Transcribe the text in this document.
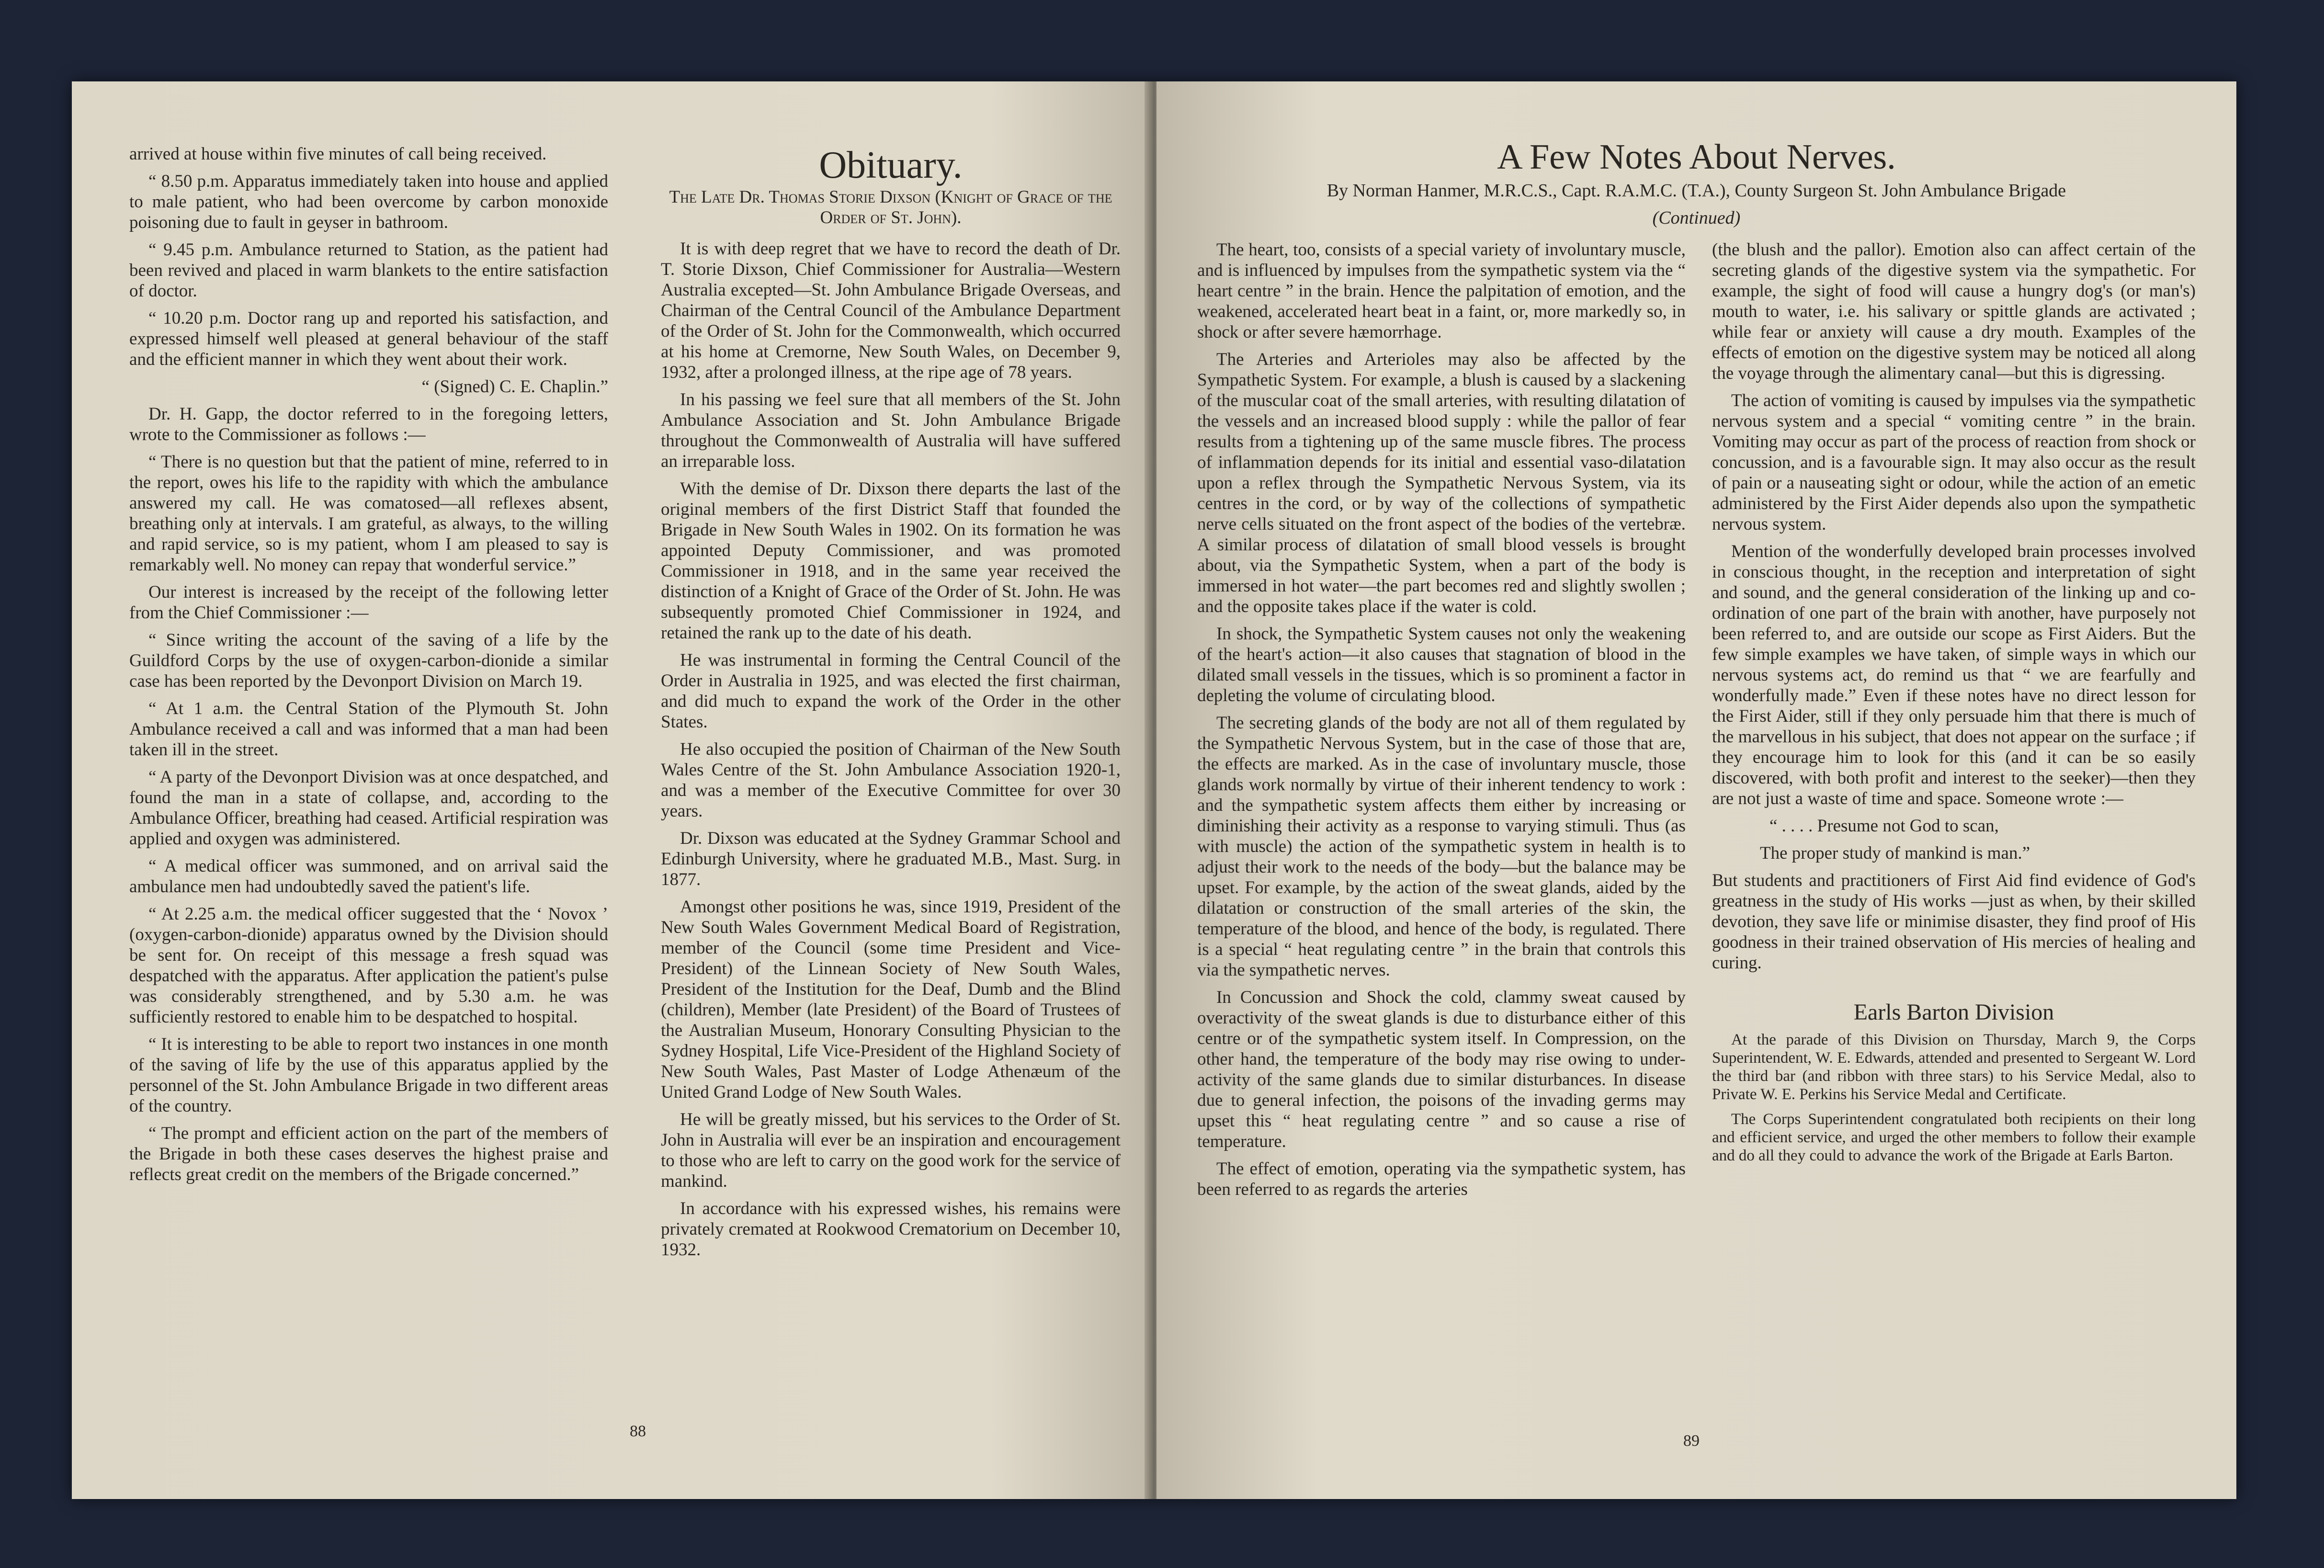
arrived at house within five minutes of call being received.

“ 8.50 p.m. Apparatus immediately taken into house and applied to male patient, who had been overcome by carbon monoxide poisoning due to fault in geyser in bathroom.

“ 9.45 p.m. Ambulance returned to Station, as the patient had been revived and placed in warm blankets to the entire satisfaction of doctor.

“ 10.20 p.m. Doctor rang up and reported his satisfaction, and expressed himself well pleased at general behaviour of the staff and the efficient manner in which they went about their work.

“ (Signed) C. E. Chaplin.”

Dr. H. Gapp, the doctor referred to in the foregoing letters, wrote to the Commissioner as follows :—

“ There is no question but that the patient of mine, referred to in the report, owes his life to the rapidity with which the ambulance answered my call. He was comatosed—all reflexes absent, breathing only at intervals. I am grateful, as always, to the willing and rapid service, so is my patient, whom I am pleased to say is remarkably well. No money can repay that wonderful service.”

Our interest is increased by the receipt of the following letter from the Chief Commissioner :—

“ Since writing the account of the saving of a life by the Guildford Corps by the use of oxygen-carbon-dionide a similar case has been reported by the Devonport Division on March 19.

“ At 1 a.m. the Central Station of the Plymouth St. John Ambulance received a call and was informed that a man had been taken ill in the street.

“ A party of the Devonport Division was at once despatched, and found the man in a state of collapse, and, according to the Ambulance Officer, breathing had ceased. Artificial respiration was applied and oxygen was administered.

“ A medical officer was summoned, and on arrival said the ambulance men had undoubtedly saved the patient's life.

“ At 2.25 a.m. the medical officer suggested that the ‘ Novox ’ (oxygen-carbon-dionide) apparatus owned by the Division should be sent for. On receipt of this message a fresh squad was despatched with the apparatus. After application the patient's pulse was considerably strengthened, and by 5.30 a.m. he was sufficiently restored to enable him to be despatched to hospital.

“ It is interesting to be able to report two instances in one month of the saving of life by the use of this apparatus applied by the personnel of the St. John Ambulance Brigade in two different areas of the country.

“ The prompt and efficient action on the part of the members of the Brigade in both these cases deserves the highest praise and reflects great credit on the members of the Brigade concerned.”

Obituary.
The Late Dr. Thomas Storie Dixson (Knight of Grace of the Order of St. John).

It is with deep regret that we have to record the death of Dr. T. Storie Dixson, Chief Commissioner for Australia—Western Australia excepted—St. John Ambulance Brigade Overseas, and Chairman of the Central Council of the Ambulance Department of the Order of St. John for the Commonwealth, which occurred at his home at Cremorne, New South Wales, on December 9, 1932, after a prolonged illness, at the ripe age of 78 years.

In his passing we feel sure that all members of the St. John Ambulance Association and St. John Ambulance Brigade throughout the Commonwealth of Australia will have suffered an irreparable loss.

With the demise of Dr. Dixson there departs the last of the original members of the first District Staff that founded the Brigade in New South Wales in 1902. On its formation he was appointed Deputy Commissioner, and was promoted Commissioner in 1918, and in the same year received the distinction of a Knight of Grace of the Order of St. John. He was subsequently promoted Chief Commissioner in 1924, and retained the rank up to the date of his death.

He was instrumental in forming the Central Council of the Order in Australia in 1925, and was elected the first chairman, and did much to expand the work of the Order in the other States.

He also occupied the position of Chairman of the New South Wales Centre of the St. John Ambulance Association 1920-1, and was a member of the Executive Committee for over 30 years.

Dr. Dixson was educated at the Sydney Grammar School and Edinburgh University, where he graduated M.B., Mast. Surg. in 1877.

Amongst other positions he was, since 1919, President of the New South Wales Government Medical Board of Registration, member of the Council (some time President and Vice-President) of the Linnean Society of New South Wales, President of the Institution for the Deaf, Dumb and the Blind (children), Member (late President) of the Board of Trustees of the Australian Museum, Honorary Consulting Physician to the Sydney Hospital, Life Vice-President of the Highland Society of New South Wales, Past Master of Lodge Athenæum of the United Grand Lodge of New South Wales.

He will be greatly missed, but his services to the Order of St. John in Australia will ever be an inspiration and encouragement to those who are left to carry on the good work for the service of mankind.

In accordance with his expressed wishes, his remains were privately cremated at Rookwood Crematorium on December 10, 1932.

88
A Few Notes About Nerves.
By Norman Hanmer, M.R.C.S., Capt. R.A.M.C. (T.A.), County Surgeon St. John Ambulance Brigade
(Continued)

The heart, too, consists of a special variety of involuntary muscle, and is influenced by impulses from the sympathetic system via the “ heart centre ” in the brain. Hence the palpitation of emotion, and the weakened, accelerated heart beat in a faint, or, more markedly so, in shock or after severe hæmorrhage.

The Arteries and Arterioles may also be affected by the Sympathetic System. For example, a blush is caused by a slackening of the muscular coat of the small arteries, with resulting dilatation of the vessels and an increased blood supply : while the pallor of fear results from a tightening up of the same muscle fibres. The process of inflammation depends for its initial and essential vaso-dilatation upon a reflex through the Sympathetic Nervous System, via its centres in the cord, or by way of the collections of sympathetic nerve cells situated on the front aspect of the bodies of the vertebræ. A similar process of dilatation of small blood vessels is brought about, via the Sympathetic System, when a part of the body is immersed in hot water—the part becomes red and slightly swollen ; and the opposite takes place if the water is cold.

In shock, the Sympathetic System causes not only the weakening of the heart's action—it also causes that stagnation of blood in the dilated small vessels in the tissues, which is so prominent a factor in depleting the volume of circulating blood.

The secreting glands of the body are not all of them regulated by the Sympathetic Nervous System, but in the case of those that are, the effects are marked. As in the case of involuntary muscle, those glands work normally by virtue of their inherent tendency to work : and the sympathetic system affects them either by increasing or diminishing their activity as a response to varying stimuli. Thus (as with muscle) the action of the sympathetic system in health is to adjust their work to the needs of the body—but the balance may be upset. For example, by the action of the sweat glands, aided by the dilatation or construction of the small arteries of the skin, the temperature of the blood, and hence of the body, is regulated. There is a special “ heat regulating centre ” in the brain that controls this via the sympathetic nerves.

In Concussion and Shock the cold, clammy sweat caused by overactivity of the sweat glands is due to disturbance either of this centre or of the sympathetic system itself. In Compression, on the other hand, the temperature of the body may rise owing to under-activity of the same glands due to similar disturbances. In disease due to general infection, the poisons of the invading germs may upset this “ heat regulating centre ” and so cause a rise of temperature.

The effect of emotion, operating via the sympathetic system, has been referred to as regards the arteries

(the blush and the pallor). Emotion also can affect certain of the secreting glands of the digestive system via the sympathetic. For example, the sight of food will cause a hungry dog's (or man's) mouth to water, i.e. his salivary or spittle glands are activated ; while fear or anxiety will cause a dry mouth. Examples of the effects of emotion on the digestive system may be noticed all along the voyage through the alimentary canal—but this is digressing.

The action of vomiting is caused by impulses via the sympathetic nervous system and a special “ vomiting centre ” in the brain. Vomiting may occur as part of the process of reaction from shock or concussion, and is a favourable sign. It may also occur as the result of pain or a nauseating sight or odour, while the action of an emetic administered by the First Aider depends also upon the sympathetic nervous system.

Mention of the wonderfully developed brain processes involved in conscious thought, in the reception and interpretation of sight and sound, and the general consideration of the linking up and co-ordination of one part of the brain with another, have purposely not been referred to, and are outside our scope as First Aiders. But the few simple examples we have taken, of simple ways in which our nervous systems act, do remind us that “ we are fearfully and wonderfully made.” Even if these notes have no direct lesson for the First Aider, still if they only persuade him that there is much of the marvellous in his subject, that does not appear on the surface ; if they encourage him to look for this (and it can be so easily discovered, with both profit and interest to the seeker)—then they are not just a waste of time and space. Someone wrote :—

“ . . . . Presume not God to scan,
The proper study of mankind is man.”

But students and practitioners of First Aid find evidence of God's greatness in the study of His works —just as when, by their skilled devotion, they save life or minimise disaster, they find proof of His goodness in their trained observation of His mercies of healing and curing.

Earls Barton Division

At the parade of this Division on Thursday, March 9, the Corps Superintendent, W. E. Edwards, attended and presented to Sergeant W. Lord the third bar (and ribbon with three stars) to his Service Medal, also to Private W. E. Perkins his Service Medal and Certificate.

The Corps Superintendent congratulated both recipients on their long and efficient service, and urged the other members to follow their example and do all they could to advance the work of the Brigade at Earls Barton.

89
